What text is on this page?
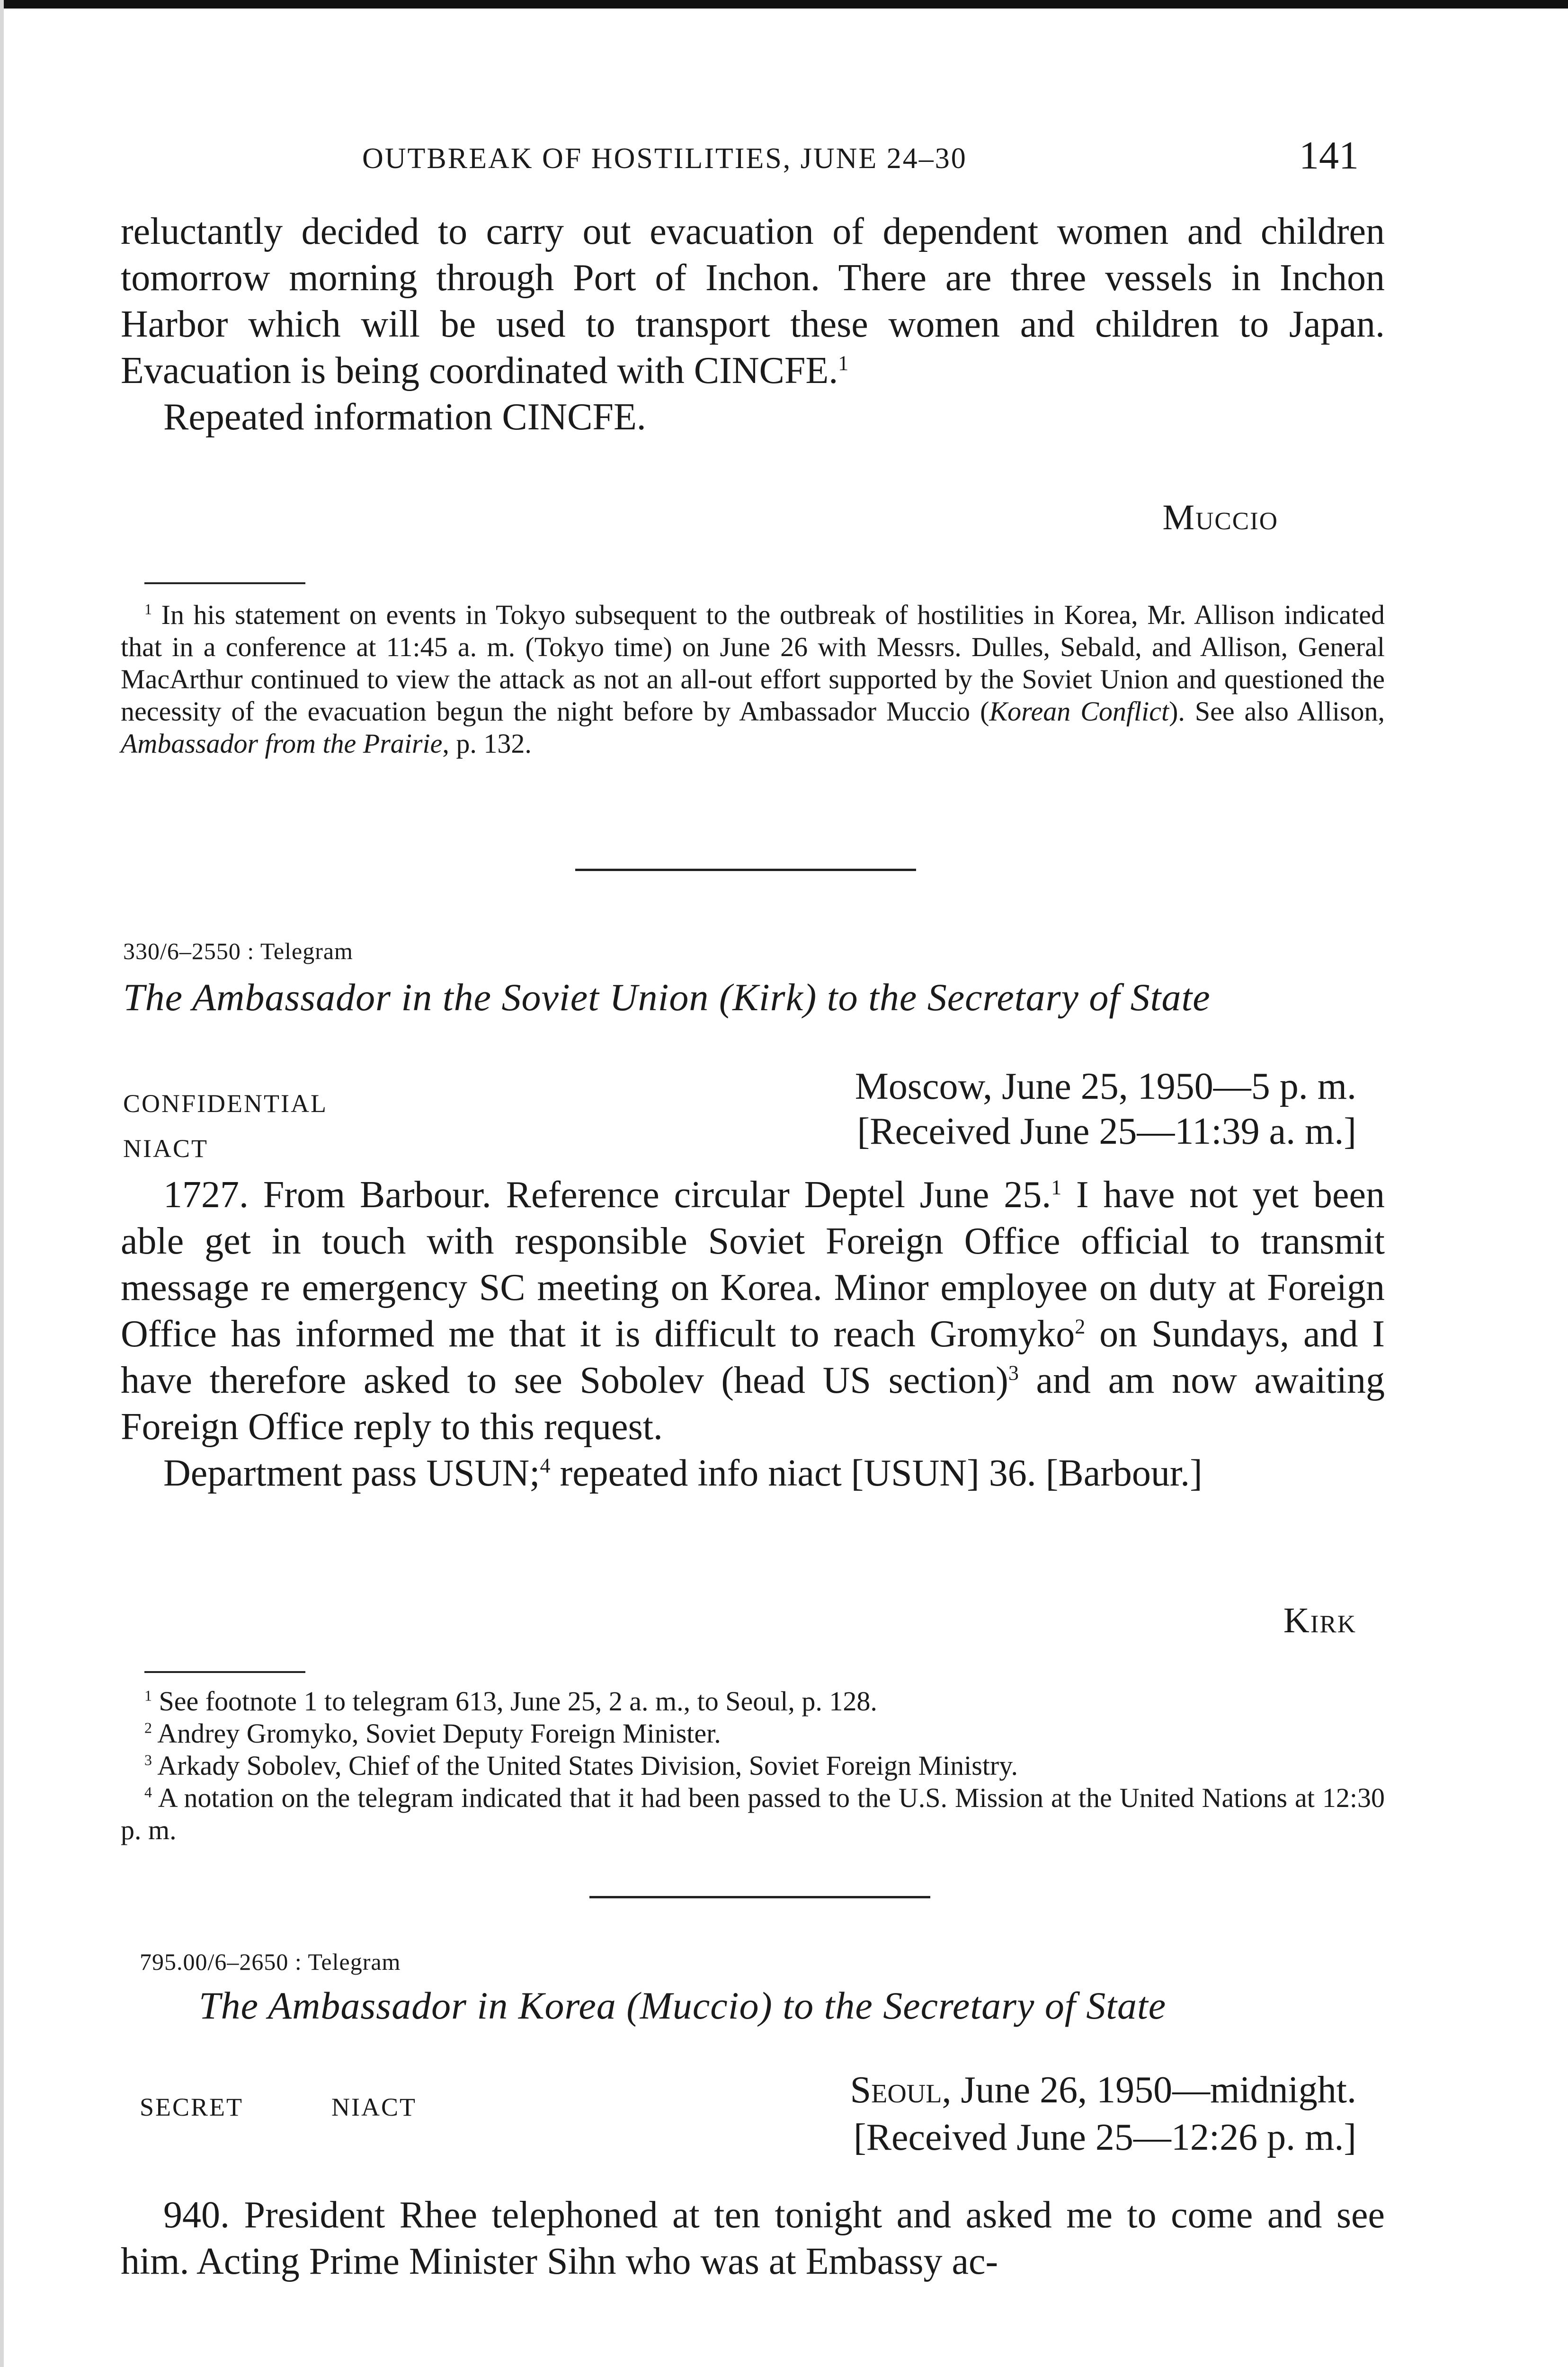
OUTBREAK OF HOSTILITIES, JUNE 24–30	141

reluctantly decided to carry out evacuation of dependent women and children tomorrow morning through Port of Inchon. There are three vessels in Inchon Harbor which will be used to transport these women and children to Japan. Evacuation is being coordinated with CINCFE.$^1$

Repeated information CINCFE.

Muccio

$^1$ In his statement on events in Tokyo subsequent to the outbreak of hostilities in Korea, Mr. Allison indicated that in a conference at 11:45 a. m. (Tokyo time) on June 26 with Messrs. Dulles, Sebald, and Allison, General MacArthur continued to view the attack as not an all-out effort supported by the Soviet Union and questioned the necessity of the evacuation begun the night before by Ambassador Muccio (Korean Conflict). See also Allison, Ambassador from the Prairie, p. 132.

330/6–2550 : Telegram
The Ambassador in the Soviet Union (Kirk) to the Secretary of State
CONFIDENTIAL
NIACT
Moscow, June 25, 1950—5 p. m.
[Received June 25—11:39 a. m.]

1727. From Barbour. Reference circular Deptel June 25.$^1$ I have not yet been able get in touch with responsible Soviet Foreign Office official to transmit message re emergency SC meeting on Korea. Minor employee on duty at Foreign Office has informed me that it is difficult to reach Gromyko$^2$ on Sundays, and I have therefore asked to see Sobolev (head US section)$^3$ and am now awaiting Foreign Office reply to this request.

Department pass USUN;$^4$ repeated info niact [USUN] 36. [Barbour.]

Kirk

$^1$ See footnote 1 to telegram 613, June 25, 2 a. m., to Seoul, p. 128.

$^2$ Andrey Gromyko, Soviet Deputy Foreign Minister.

$^3$ Arkady Sobolev, Chief of the United States Division, Soviet Foreign Ministry.

$^4$ A notation on the telegram indicated that it had been passed to the U.S. Mission at the United Nations at 12:30 p. m.

795.00/6–2650 : Telegram
The Ambassador in Korea (Muccio) to the Secretary of State
SECRET	NIACT	Seoul, June 26, 1950—midnight.
[Received June 25—12:26 p. m.]

940. President Rhee telephoned at ten tonight and asked me to come and see him. Acting Prime Minister Sihn who was at Embassy ac-
